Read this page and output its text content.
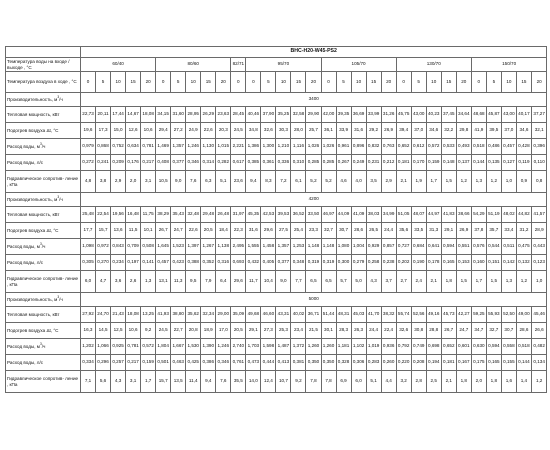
	ВНС-Н20-W45-PS2																														
Температура воды на входе /выходе , °С	60/40					80/60					82/71	95/70					105/70					130/70					150/70				
Температура воздуха в ходе , °С	0	5	10	15	20	0	5	10	15	20	0	0	5	10	15	20	0	5	10	15	20	0	5	10	15	20	0	5	10	15	20
Производительность, $м^3/ч$	3400																														
Тепловая мощность, кВт	22,73	20,11	17,44	14,67	18,08	34,15	31,60	28,95	26,29	23,63	28,45	40,46	37,90	35,25	32,58	29,90	42,00	39,35	36,69	33,99	31,26	45,75	43,00	40,23	37,45	34,64	48,68	45,87	43,00	40,17	37,27
Подогрев воздуха Δt, °С	19,6	17,3	15,0	12,6	10,6	29,4	27,2	24,9	22,6	20,3	24,5	34,8	32,6	30,3	28,0	25,7	36,1	33,9	31,6	29,2	26,9	39,4	37,0	34,6	32,2	29,8	41,9	39,5	37,0	34,6	32,1
Расход воды, $м^3/ч$	0,979	0,868	0,752	0,634	0,781	1,469	1,357	1,246	1,130	1,015	2,221	1,386	1,300	1,210	1,116	1,026	1,026	0,961	0,896	0,832	0,763	0,652	0,612	0,572	0,533	0,493	0,518	0,486	0,457	0,428	0,396
Расход воды, л/с	0,272	0,241	0,209	0,176	0,217	0,408	0,377	0,346	0,314	0,282	0,617	0,385	0,361	0,336	0,310	0,285	0,285	0,267	0,249	0,231	0,212	0,181	0,170	0,159	0,148	0,137	0,144	0,135	0,127	0,119	0,110
Гидравлическое сопротив- ление , кПа	4,8	3,8	2,9	2,0	3,1	10,5	9,0	7,6	6,3	5,1	23,6	9,4	8,3	7,2	6,1	5,2	5,2	4,6	4,0	3,5	2,9	2,1	1,9	1,7	1,5	1,2	1,3	1,2	1,0	0,9	0,8
Производительность, $м^3/ч$	4200																														
Тепловая мощность, кВт	25,48	22,54	19,56	16,48	11,75	38,29	35,43	32,48	29,48	26,48	31,97	45,35	42,53	39,53	36,52	33,50	46,97	44,09	41,09	38,03	34,99	51,05	48,07	44,97	41,83	38,66	54,29	51,19	48,02	44,82	41,57
Подогрев воздуха Δt, °С	17,7	15,7	13,6	11,5	10,1	26,7	24,7	22,6	20,5	18,4	22,3	31,6	29,6	27,5	25,4	23,3	32,7	30,7	28,6	26,5	24,4	35,6	33,5	31,3	29,1	26,9	37,8	35,7	33,4	31,2	28,9
Расход воды, $м^3/ч$	1,098	0,972	0,843	0,709	0,508	1,645	1,523	1,397	1,267	1,138	2,495	1,555	1,458	1,357	1,253	1,148	1,148	1,080	1,004	0,929	0,857	0,727	0,684	0,641	0,594	0,551	0,576	0,544	0,511	0,475	0,443
Расход воды, л/с	0,305	0,270	0,234	0,197	0,141	0,457	0,423	0,388	0,352	0,316	0,693	0,432	0,405	0,377	0,348	0,319	0,319	0,300	0,279	0,258	0,238	0,202	0,190	0,178	0,165	0,153	0,160	0,151	0,142	0,132	0,123
Гидравлическое сопротив- ление , кПа	6,0	4,7	3,6	2,6	1,3	13,1	11,3	9,5	7,9	6,4	29,6	11,7	10,4	9,0	7,7	6,5	6,5	5,7	5,0	4,3	3,7	2,7	2,4	2,1	1,8	1,5	1,7	1,5	1,3	1,2	1,0
Производительность, $м^3/ч$	5000																														
Тепловая мощность, кВт	27,92	24,70	21,43	18,08	13,25	41,93	38,80	35,62	32,34	29,00	35,09	49,68	46,60	43,31	40,02	36,71	51,44	48,31	45,03	41,70	38,32	55,74	52,56	49,16	45,73	42,27	59,25	55,93	52,50	49,00	45,46
Подогрев воздуха Δt, °С	16,3	14,5	12,5	10,6	9,2	24,5	22,7	20,8	18,9	17,0	20,5	29,1	27,3	25,3	23,4	21,5	30,1	28,3	26,3	24,4	22,4	32,6	30,8	28,8	26,7	24,7	34,7	32,7	30,7	28,6	26,6
Расход воды, $м^3/ч$	1,202	1,066	0,925	0,781	0,572	1,804	1,667	1,530	1,390	1,246	2,740	1,703	1,598	1,487	1,372	1,260	1,260	1,181	1,102	1,019	0,936	0,792	0,749	0,698	0,652	0,601	0,630	0,594	0,558	0,518	0,482
Расход воды, л/с	0,334	0,296	0,257	0,217	0,159	0,501	0,463	0,425	0,386	0,346	0,761	0,473	0,444	0,413	0,381	0,350	0,350	0,328	0,306	0,283	0,260	0,220	0,208	0,194	0,181	0,167	0,175	0,165	0,155	0,144	0,134
Гидравлическое сопротив- ление , кПа	7,1	5,6	4,3	3,1	1,7	15,7	13,5	11,4	9,4	7,6	35,5	14,0	12,4	10,7	9,2	7,8	7,8	6,9	6,0	5,1	4,4	3,2	2,8	2,5	2,1	1,8	2,0	1,8	1,6	1,4	1,2
